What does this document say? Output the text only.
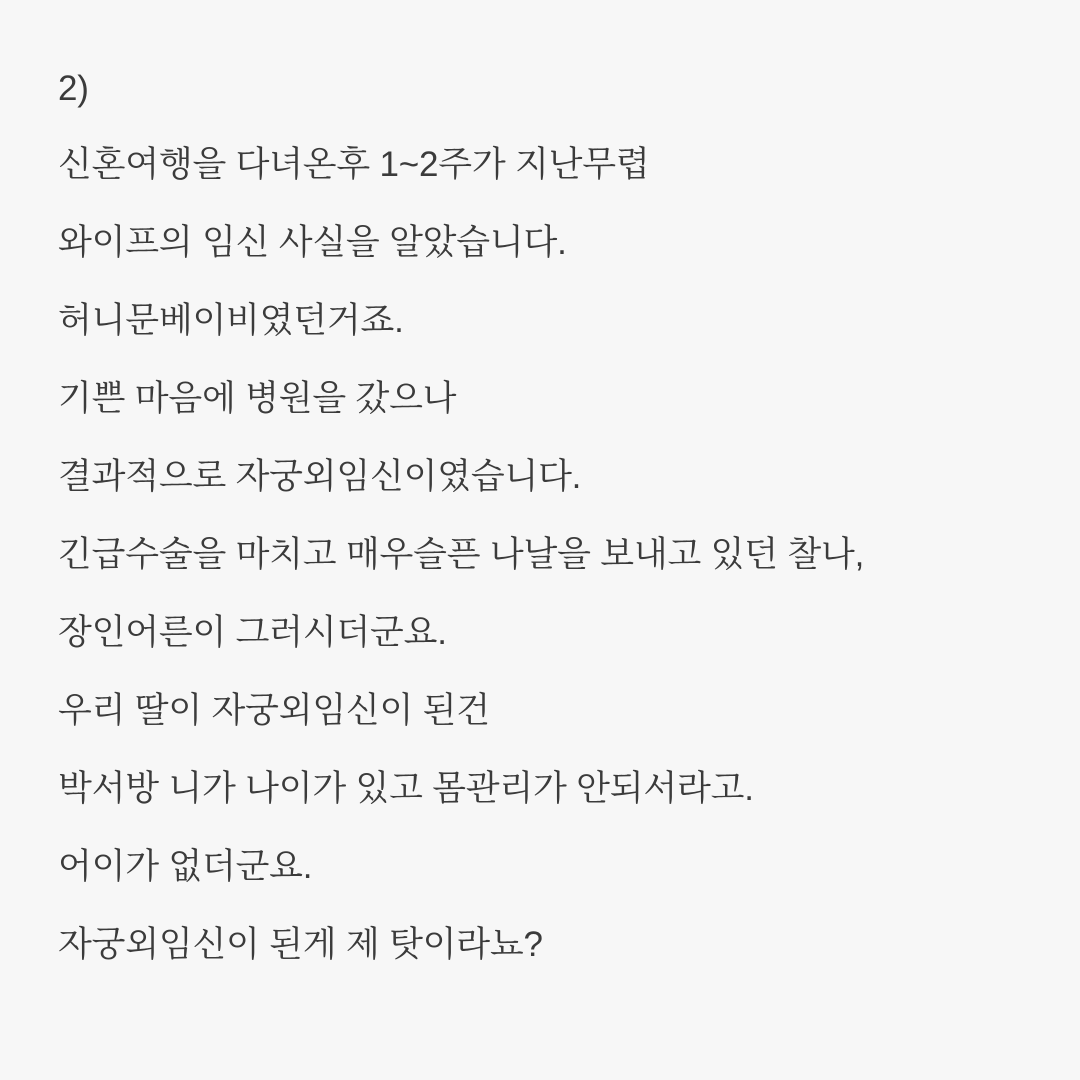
2)
신혼여행을 다녀온후 1~2주가 지난무렵
와이프의 임신 사실을 알았습니다.
허니문베이비였던거죠.
기쁜 마음에 병원을 갔으나
결과적으로 자궁외임신이였습니다.
긴급수술을 마치고 매우슬픈 나날을 보내고 있던 찰나,
장인어른이 그러시더군요.
우리 딸이 자궁외임신이 된건
박서방 니가 나이가 있고 몸관리가 안되서라고.
어이가 없더군요.
자궁외임신이 된게 제 탓이라뇨?
